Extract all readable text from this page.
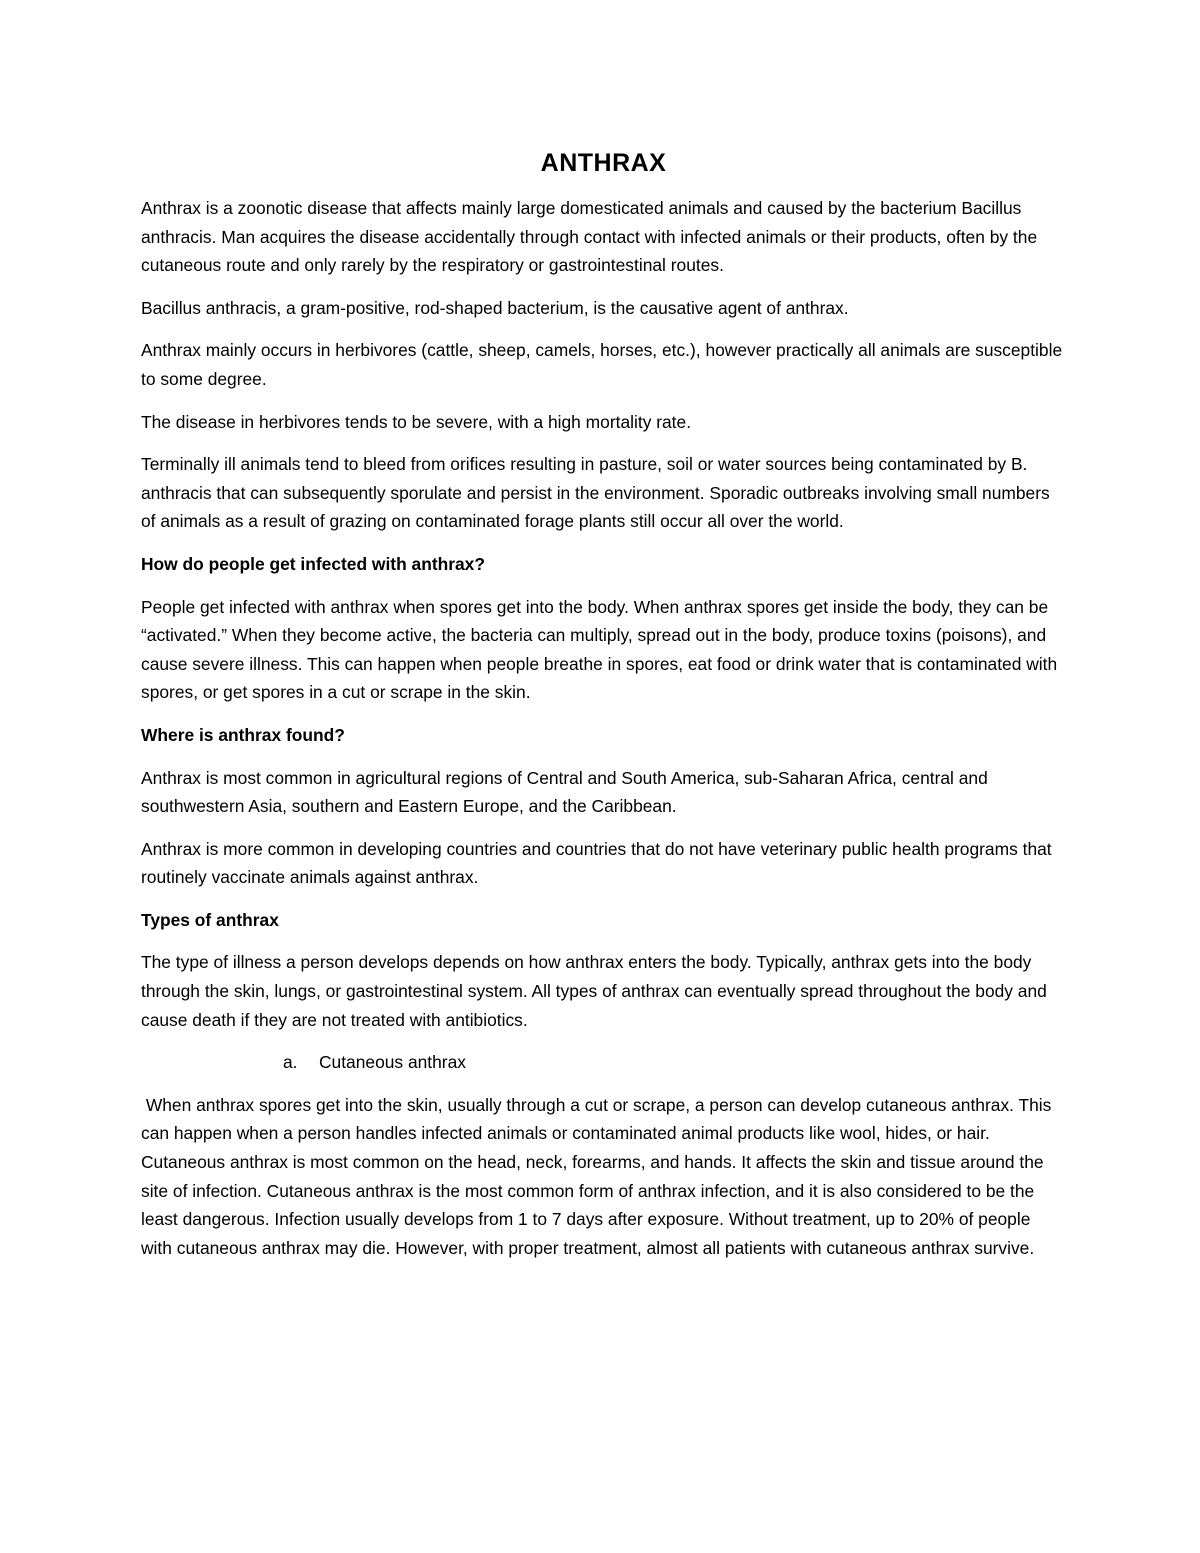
ANTHRAX

Anthrax is a zoonotic disease that affects mainly large domesticated animals and caused by the bacterium Bacillus anthracis. Man acquires the disease accidentally through contact with infected animals or their products, often by the cutaneous route and only rarely by the respiratory or gastrointestinal routes.

Bacillus anthracis, a gram-positive, rod-shaped bacterium, is the causative agent of anthrax.

Anthrax mainly occurs in herbivores (cattle, sheep, camels, horses, etc.), however practically all animals are susceptible to some degree.

The disease in herbivores tends to be severe, with a high mortality rate.

Terminally ill animals tend to bleed from orifices resulting in pasture, soil or water sources being contaminated by B. anthracis that can subsequently sporulate and persist in the environment. Sporadic outbreaks involving small numbers of animals as a result of grazing on contaminated forage plants still occur all over the world.

How do people get infected with anthrax?

People get infected with anthrax when spores get into the body. When anthrax spores get inside the body, they can be “activated.” When they become active, the bacteria can multiply, spread out in the body, produce toxins (poisons), and cause severe illness. This can happen when people breathe in spores, eat food or drink water that is contaminated with spores, or get spores in a cut or scrape in the skin.

Where is anthrax found?

Anthrax is most common in agricultural regions of Central and South America, sub-Saharan Africa, central and southwestern Asia, southern and Eastern Europe, and the Caribbean.

Anthrax is more common in developing countries and countries that do not have veterinary public health programs that routinely vaccinate animals against anthrax.

Types of anthrax

The type of illness a person develops depends on how anthrax enters the body. Typically, anthrax gets into the body through the skin, lungs, or gastrointestinal system. All types of anthrax can eventually spread throughout the body and cause death if they are not treated with antibiotics.

a. Cutaneous anthrax

When anthrax spores get into the skin, usually through a cut or scrape, a person can develop cutaneous anthrax. This can happen when a person handles infected animals or contaminated animal products like wool, hides, or hair. Cutaneous anthrax is most common on the head, neck, forearms, and hands. It affects the skin and tissue around the site of infection. Cutaneous anthrax is the most common form of anthrax infection, and it is also considered to be the least dangerous. Infection usually develops from 1 to 7 days after exposure. Without treatment, up to 20% of people with cutaneous anthrax may die. However, with proper treatment, almost all patients with cutaneous anthrax survive.
